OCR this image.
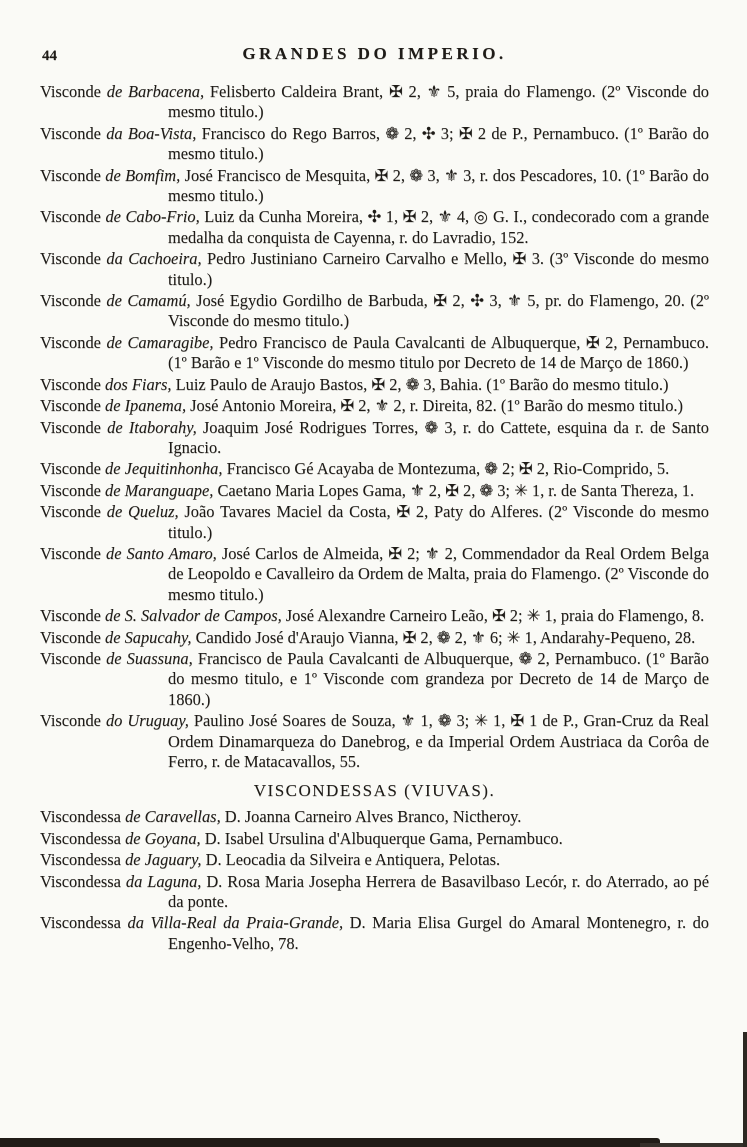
44	GRANDES DO IMPERIO.

Visconde de Barbacena, Felisberto Caldeira Brant, ✠ 2, ⚜ 5, praia do Flamengo. (2º Visconde do mesmo titulo.)

Visconde da Boa-Vista, Francisco do Rego Barros, ❁ 2, ✣ 3; ✠ 2 de P., Pernambuco. (1º Barão do mesmo titulo.)

Visconde de Bomfim, José Francisco de Mesquita, ✠ 2, ❁ 3, ⚜ 3, r. dos Pescadores, 10. (1º Barão do mesmo titulo.)

Visconde de Cabo-Frio, Luiz da Cunha Moreira, ✣ 1, ✠ 2, ⚜ 4, ◎ G. I., condecorado com a grande medalha da conquista de Cayenna, r. do Lavradio, 152.

Visconde da Cachoeira, Pedro Justiniano Carneiro Carvalho e Mello, ✠ 3. (3º Visconde do mesmo titulo.)

Visconde de Camamú, José Egydio Gordilho de Barbuda, ✠ 2, ✣ 3, ⚜ 5, pr. do Flamengo, 20. (2º Visconde do mesmo titulo.)

Visconde de Camaragibe, Pedro Francisco de Paula Cavalcanti de Albuquerque, ✠ 2, Pernambuco. (1º Barão e 1º Visconde do mesmo titulo por Decreto de 14 de Março de 1860.)

Visconde dos Fiars, Luiz Paulo de Araujo Bastos, ✠ 2, ❁ 3, Bahia. (1º Barão do mesmo titulo.)

Visconde de Ipanema, José Antonio Moreira, ✠ 2, ⚜ 2, r. Direita, 82. (1º Barão do mesmo titulo.)

Visconde de Itaborahy, Joaquim José Rodrigues Torres, ❁ 3, r. do Cattete, esquina da r. de Santo Ignacio.

Visconde de Jequitinhonha, Francisco Gé Acayaba de Montezuma, ❁ 2; ✠ 2, Rio-Comprido, 5.

Visconde de Maranguape, Caetano Maria Lopes Gama, ⚜ 2, ✠ 2, ❁ 3; ✳ 1, r. de Santa Thereza, 1.

Visconde de Queluz, João Tavares Maciel da Costa, ✠ 2, Paty do Alferes. (2º Visconde do mesmo titulo.)

Visconde de Santo Amaro, José Carlos de Almeida, ✠ 2; ⚜ 2, Commendador da Real Ordem Belga de Leopoldo e Cavalleiro da Ordem de Malta, praia do Flamengo. (2º Visconde do mesmo titulo.)

Visconde de S. Salvador de Campos, José Alexandre Carneiro Leão, ✠ 2; ✳ 1, praia do Flamengo, 8.

Visconde de Sapucahy, Candido José d'Araujo Vianna, ✠ 2, ❁ 2, ⚜ 6; ✳ 1, Andarahy-Pequeno, 28.

Visconde de Suassuna, Francisco de Paula Cavalcanti de Albuquerque, ❁ 2, Pernambuco. (1º Barão do mesmo titulo, e 1º Visconde com grandeza por Decreto de 14 de Março de 1860.)

Visconde do Uruguay, Paulino José Soares de Souza, ⚜ 1, ❁ 3; ✳ 1, ✠ 1 de P., Gran-Cruz da Real Ordem Dinamarqueza do Danebrog, e da Imperial Ordem Austriaca da Corôa de Ferro, r. de Matacavallos, 55.

VISCONDESSAS (VIUVAS).

Viscondessa de Caravellas, D. Joanna Carneiro Alves Branco, Nictheroy.

Viscondessa de Goyana, D. Isabel Ursulina d'Albuquerque Gama, Pernambuco.

Viscondessa de Jaguary, D. Leocadia da Silveira e Antiquera, Pelotas.

Viscondessa da Laguna, D. Rosa Maria Josepha Herrera de Basavilbaso Lecór, r. do Aterrado, ao pé da ponte.

Viscondessa da Villa-Real da Praia-Grande, D. Maria Elisa Gurgel do Amaral Montenegro, r. do Engenho-Velho, 78.
